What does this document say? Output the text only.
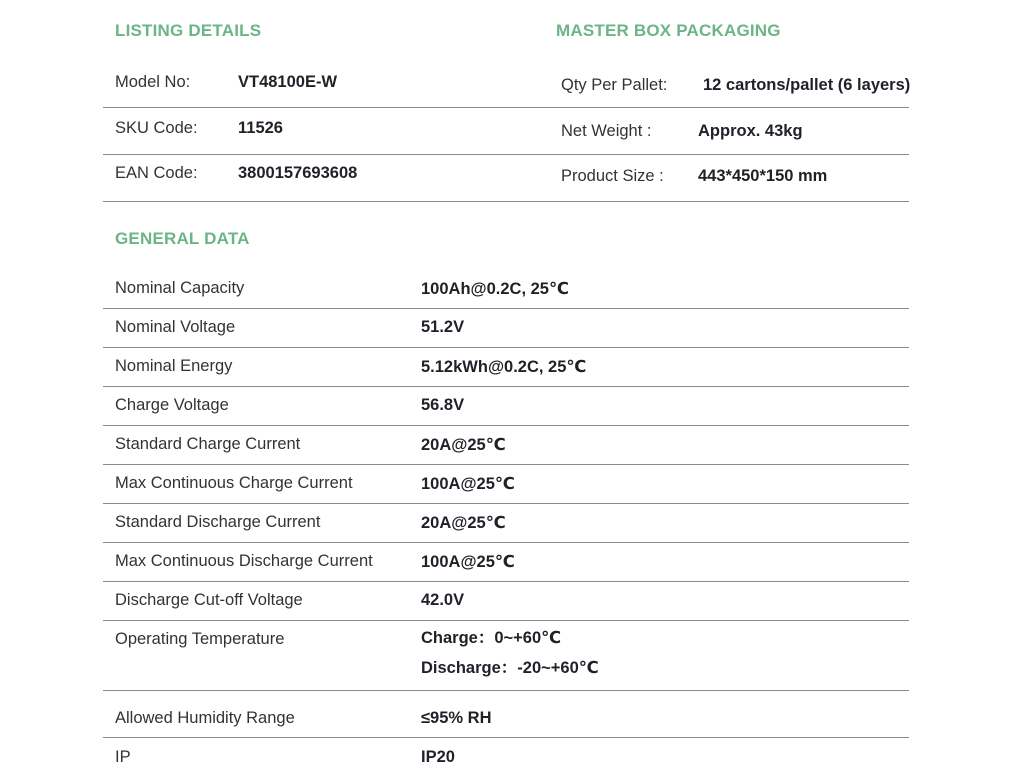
LISTING DETAILS	MASTER BOX PACKAGING
Model No:	VT48100E-W
SKU Code: 11526
EAN Code: 3800157693608
Qty Per Pallet: 12 cartons/pallet (6 layers)
Net Weight :	Approx. 43kg
Product Size : 443*450*150 mm
GENERAL DATA
Nominal Capacity	100Ah@0.2C, 25℃
Nominal Voltage	51.2V
Nominal Energy	5.12kWh@0.2C, 25℃
Charge Voltage	56.8V
Standard Charge Current	20A@25℃
Max Continuous Charge Current	100A@25℃
Standard Discharge Current	20A@25℃
Max Continuous Discharge Current	100A@25℃
Discharge Cut-off Voltage	42.0V
Operating Temperature	Charge：0~+60℃
Discharge：-20~+60℃
Allowed Humidity Range	≤95% RH
IP	IP20
